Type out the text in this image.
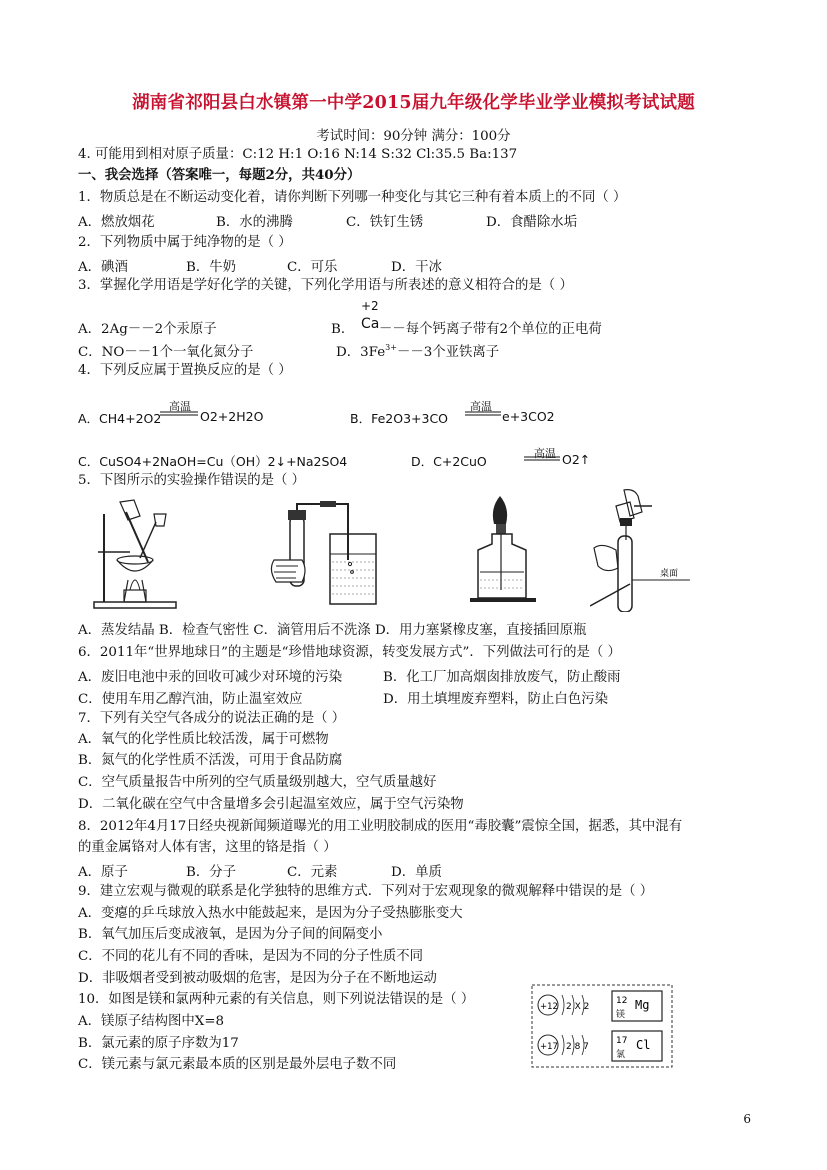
湖南省祁阳县白水镇第一中学2015届九年级化学毕业学业模拟考试试题
考试时间：90分钟 满分：100分
4. 可能用到相对原子质量：C:12 H:1 O:16 N:14 S:32 Cl:35.5 Ba:137
一、我会选择（答案唯一，每题2分，共40分）
1．物质总是在不断运动变化着，请你判断下列哪一种变化与其它三种有着本质上的不同（ ）
A．燃放烟花	B．水的沸腾	C．铁钉生锈	D．食醋除水垢
2．下列物质中属于纯净物的是（ ）
A．碘酒	B．牛奶	C．可乐	D．干冰
3．掌握化学用语是学好化学的关键，下列化学用语与所表述的意义相符合的是（ ）
A．2Ag－－2个汞原子	B．
+2
Ca －－每个钙离子带有2个单位的正电荷
C．NO－－1个一氧化氮分子	D．$3Fe^{3+}--3$个亚铁离子
4．下列反应属于置换反应的是（ ）
A．CH4+2O2
高温
O2+2H2O	B．Fe2O3+3CO
高温
e+3CO2
C．CuSO4+2NaOH=Cu（OH）2↓+Na2SO4	D．C+2CuO
高温 O2↑
5．下图所示的实验操作错误的是（ ）
桌面
A．蒸发结晶 B．检查气密性 C．滴管用后不洗涤 D．用力塞紧橡皮塞，直接插回原瓶
6．2011年“世界地球日”的主题是“珍惜地球资源，转变发展方式”．下列做法可行的是（ ）
A．废旧电池中汞的回收可减少对环境的污染	B．化工厂加高烟囱排放废气，防止酸雨
C．使用车用乙醇汽油，防止温室效应	D．用土填埋废弃塑料，防止白色污染
7．下列有关空气各成分的说法正确的是（ ）
A．氧气的化学性质比较活泼，属于可燃物
B．氮气的化学性质不活泼，可用于食品防腐
C．空气质量报告中所列的空气质量级别越大，空气质量越好
D．二氧化碳在空气中含量增多会引起温室效应，属于空气污染物
8．2012年4月17日经央视新闻频道曝光的用工业明胶制成的医用“毒胶囊”震惊全国，据悉，其中混有
的重金属铬对人体有害，这里的铬是指（ ）
A．原子	B．分子	C．元素	D．单质
9．建立宏观与微观的联系是化学独特的思维方式．下列对于宏观现象的微观解释中错误的是（ ）
A．变瘪的乒乓球放入热水中能鼓起来，是因为分子受热膨胀变大
B．氧气加压后变成液氧，是因为分子间的间隔变小
C．不同的花儿有不同的香味，是因为不同的分子性质不同
D．非吸烟者受到被动吸烟的危害，是因为分子在不断地运动
10．如图是镁和氯两种元素的有关信息，则下列说法错误的是（ ）
A．镁原子结构图中X=8
B．氯元素的原子序数为17
C．镁元素与氯元素最本质的区别是最外层电子数不同
+12 2 X 2
12 Mg
镁
+17 2 8 7
17 Cl
氯
6
